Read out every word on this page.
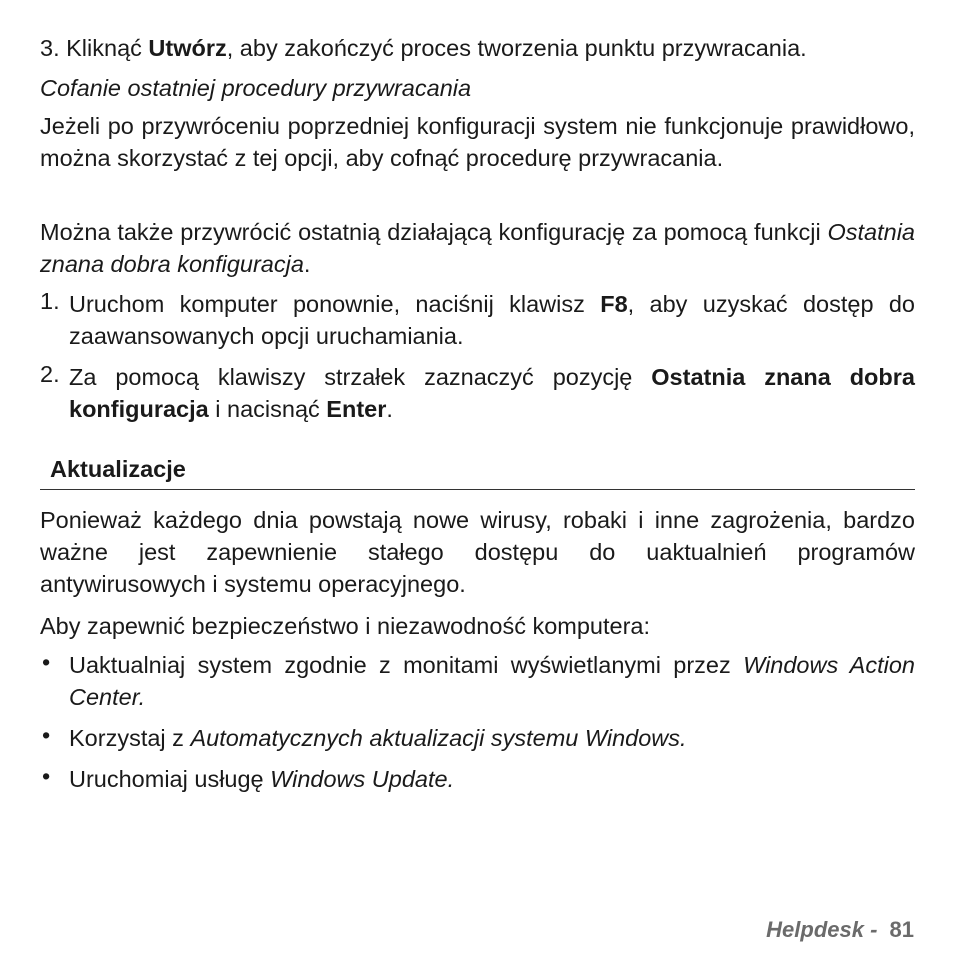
3. Kliknąć Utwórz, aby zakończyć proces tworzenia punktu przywracania.

Cofanie ostatniej procedury przywracania

Jeżeli po przywróceniu poprzedniej konfiguracji system nie funkcjonuje prawidłowo, można skorzystać z tej opcji, aby cofnąć procedurę przywracania.

Można także przywrócić ostatnią działającą konfigurację za pomocą funkcji Ostatnia znana dobra konfiguracja.

1. Uruchom komputer ponownie, naciśnij klawisz F8, aby uzyskać dostęp do zaawansowanych opcji uruchamiania.

2. Za pomocą klawiszy strzałek zaznaczyć pozycję Ostatnia znana dobra konfiguracja i nacisnąć Enter.

Aktualizacje

Ponieważ każdego dnia powstają nowe wirusy, robaki i inne zagrożenia, bardzo ważne jest zapewnienie stałego dostępu do uaktualnień programów antywirusowych i systemu operacyjnego.

Aby zapewnić bezpieczeństwo i niezawodność komputera:

• Uaktualniaj system zgodnie z monitami wyświetlanymi przez Windows Action Center.

• Korzystaj z Automatycznych aktualizacji systemu Windows.

• Uruchomiaj usługę Windows Update.

Helpdesk - 81
